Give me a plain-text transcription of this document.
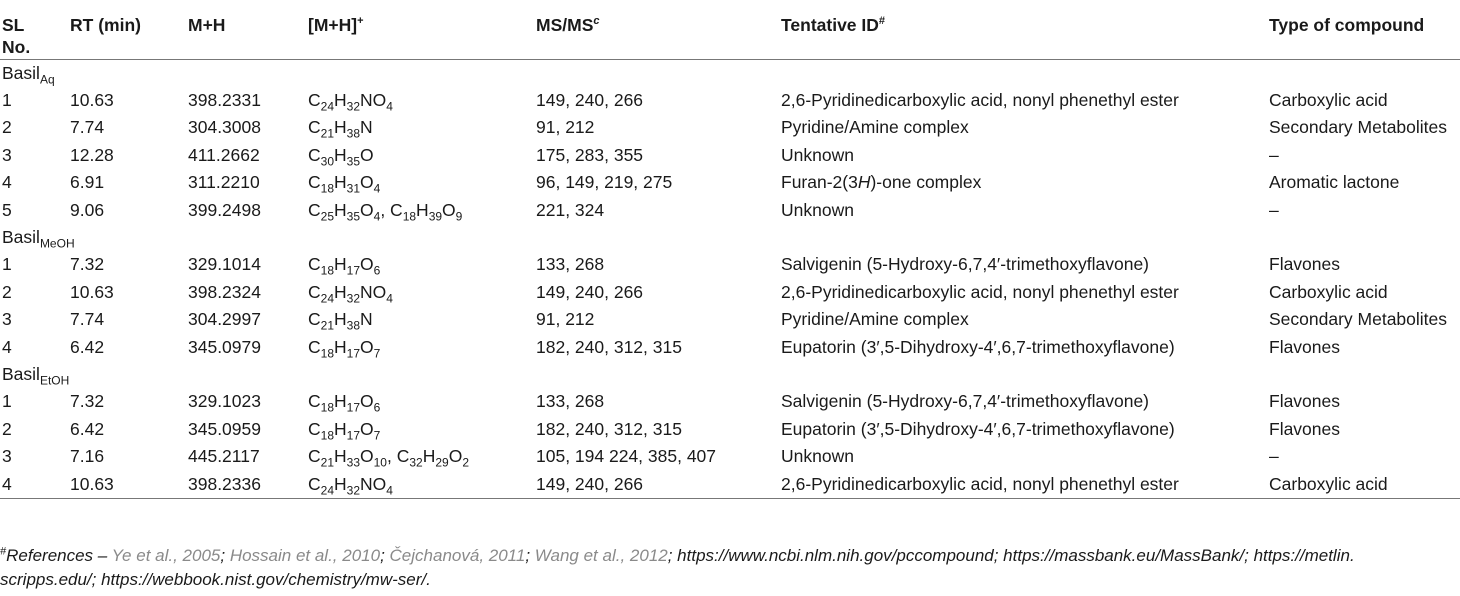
SL
No.	RT (min)	M+H	[M+H]+	$MS/MS^c$	Tentative ID#	Type of compound
Basil$_{Aq}$
1	10.63	398.2331	$C_{24}H_{32}NO_4$	149, 240, 266	2,6-Pyridinedicarboxylic acid, nonyl phenethyl ester	Carboxylic acid
2	7.74	304.3008	$C_{21}H_{38}N$	91, 212	Pyridine/Amine complex	Secondary Metabolites
3	12.28	411.2662	$C_{30}H_{35}O$	175, 283, 355	Unknown	–
4	6.91	311.2210	$C_{18}H_{31}O_4$	96, 149, 219, 275	Furan-2(3H)-one complex	Aromatic lactone
5	9.06	399.2498	$C_{25}H_{35}O_4$, $C_{18}H_{39}O_9$	221, 324	Unknown	–
Basil$_{MeOH}$
1	7.32	329.1014	$C_{18}H_{17}O_6$	133, 268	Salvigenin (5-Hydroxy-6,7,4′-trimethoxyflavone)	Flavones
2	10.63	398.2324	$C_{24}H_{32}NO_4$	149, 240, 266	2,6-Pyridinedicarboxylic acid, nonyl phenethyl ester	Carboxylic acid
3	7.74	304.2997	$C_{21}H_{38}N$	91, 212	Pyridine/Amine complex	Secondary Metabolites
4	6.42	345.0979	$C_{18}H_{17}O_7$	182, 240, 312, 315	Eupatorin (3′,5-Dihydroxy-4′,6,7-trimethoxyflavone)	Flavones
Basil$_{EtOH}$
1	7.32	329.1023	$C_{18}H_{17}O_6$	133, 268	Salvigenin (5-Hydroxy-6,7,4′-trimethoxyflavone)	Flavones
2	6.42	345.0959	$C_{18}H_{17}O_7$	182, 240, 312, 315	Eupatorin (3′,5-Dihydroxy-4′,6,7-trimethoxyflavone)	Flavones
3	7.16	445.2117	$C_{21}H_{33}O_{10}$, $C_{32}H_{29}O_2$	105, 194 224, 385, 407	Unknown	–
4	10.63	398.2336	$C_{24}H_{32}NO_4$	149, 240, 266	2,6-Pyridinedicarboxylic acid, nonyl phenethyl ester	Carboxylic acid
#References – Ye et al., 2005; Hossain et al., 2010; Čejchanová, 2011; Wang et al., 2012; https://www.ncbi.nlm.nih.gov/pccompound; https://massbank.eu/MassBank/; https://metlin.
scripps.edu/; https://webbook.nist.gov/chemistry/mw-ser/.
